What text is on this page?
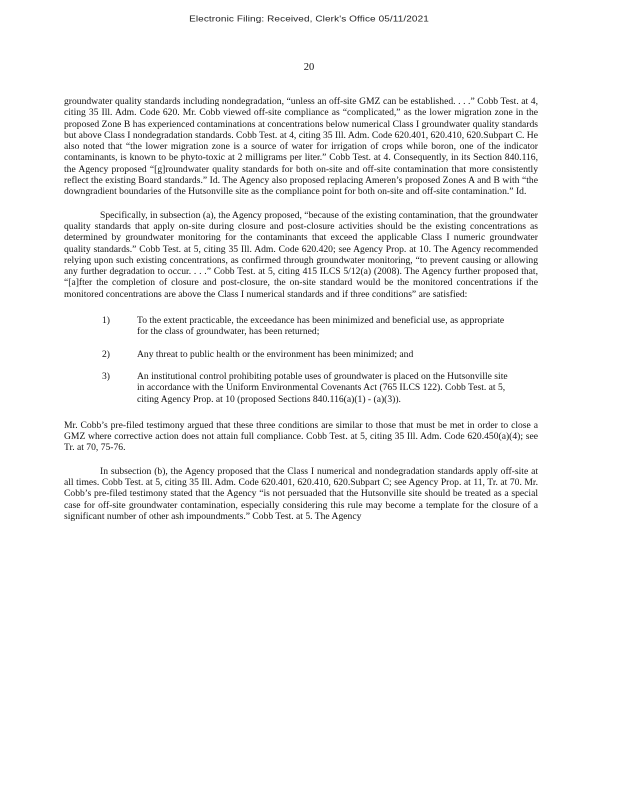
Electronic Filing: Received, Clerk's Office 05/11/2021
20

groundwater quality standards including nondegradation, “unless an off-site GMZ can be established. . . .” Cobb Test. at 4, citing 35 Ill. Adm. Code 620. Mr. Cobb viewed off-site compliance as “complicated,” as the lower migration zone in the proposed Zone B has experienced contaminations at concentrations below numerical Class I groundwater quality standards but above Class I nondegradation standards. Cobb Test. at 4, citing 35 Ill. Adm. Code 620.401, 620.410, 620.Subpart C. He also noted that “the lower migration zone is a source of water for irrigation of crops while boron, one of the indicator contaminants, is known to be phyto-toxic at 2 milligrams per liter.” Cobb Test. at 4. Consequently, in its Section 840.116, the Agency proposed “[g]roundwater quality standards for both on-site and off-site contamination that more consistently reflect the existing Board standards.” Id. The Agency also proposed replacing Ameren’s proposed Zones A and B with “the downgradient boundaries of the Hutsonville site as the compliance point for both on-site and off-site contamination.” Id.

Specifically, in subsection (a), the Agency proposed, “because of the existing contamination, that the groundwater quality standards that apply on-site during closure and post-closure activities should be the existing concentrations as determined by groundwater monitoring for the contaminants that exceed the applicable Class I numeric groundwater quality standards.” Cobb Test. at 5, citing 35 Ill. Adm. Code 620.420; see Agency Prop. at 10. The Agency recommended relying upon such existing concentrations, as confirmed through groundwater monitoring, “to prevent causing or allowing any further degradation to occur. . . .” Cobb Test. at 5, citing 415 ILCS 5/12(a) (2008). The Agency further proposed that, “[a]fter the completion of closure and post-closure, the on-site standard would be the monitored concentrations if the monitored concentrations are above the Class I numerical standards and if three conditions” are satisfied:

1)	To the extent practicable, the exceedance has been minimized and beneficial use, as appropriate for the class of groundwater, has been returned;
2)	Any threat to public health or the environment has been minimized; and
3)	An institutional control prohibiting potable uses of groundwater is placed on the Hutsonville site in accordance with the Uniform Environmental Covenants Act (765 ILCS 122). Cobb Test. at 5, citing Agency Prop. at 10 (proposed Sections 840.116(a)(1) - (a)(3)).

Mr. Cobb’s pre-filed testimony argued that these three conditions are similar to those that must be met in order to close a GMZ where corrective action does not attain full compliance. Cobb Test. at 5, citing 35 Ill. Adm. Code 620.450(a)(4); see Tr. at 70, 75-76.

In subsection (b), the Agency proposed that the Class I numerical and nondegradation standards apply off-site at all times. Cobb Test. at 5, citing 35 Ill. Adm. Code 620.401, 620.410, 620.Subpart C; see Agency Prop. at 11, Tr. at 70. Mr. Cobb’s pre-filed testimony stated that the Agency “is not persuaded that the Hutsonville site should be treated as a special case for off-site groundwater contamination, especially considering this rule may become a template for the closure of a significant number of other ash impoundments.” Cobb Test. at 5. The Agency
